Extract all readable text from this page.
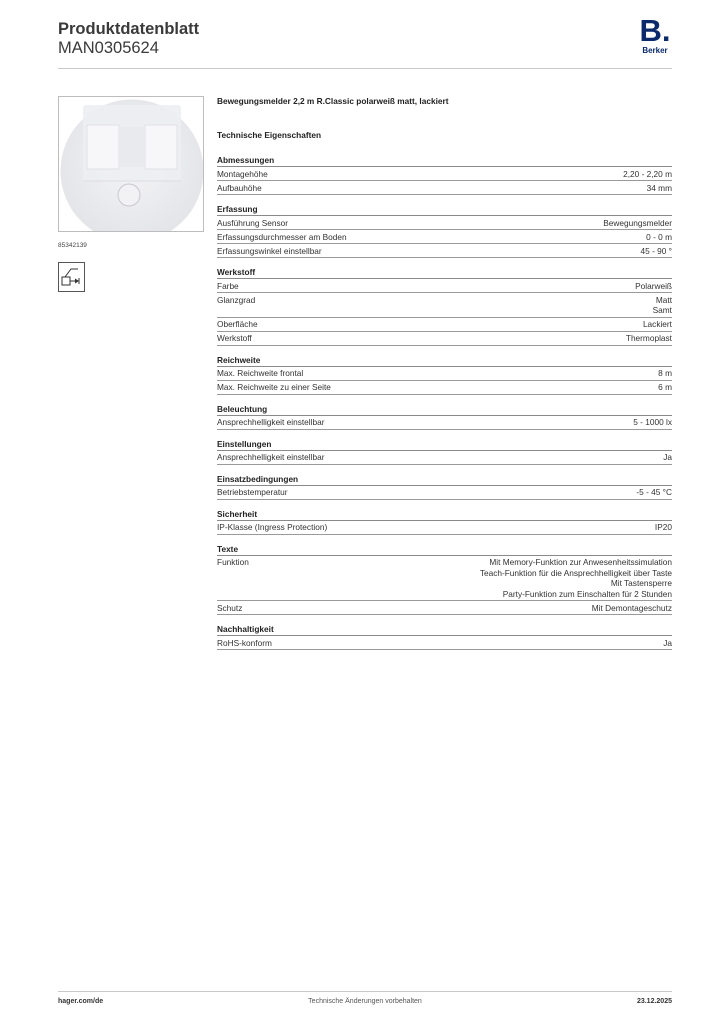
Produktdatenblatt
MAN0305624	B.
Berker
85342139
Bewegungsmelder 2,2 m R.Classic polarweiß matt, lackiert
Technische Eigenschaften
Abmessungen
Montagehöhe	2,20 - 2,20 m
Aufbauhöhe	34 mm
Erfassung
Ausführung Sensor	Bewegungsmelder
Erfassungsdurchmesser am Boden	0 - 0 m
Erfassungswinkel einstellbar	45 - 90 °
Werkstoff
Farbe	Polarweiß
Glanzgrad	Matt
Samt
Oberfläche	Lackiert
Werkstoff	Thermoplast
Reichweite
Max. Reichweite frontal	8 m
Max. Reichweite zu einer Seite	6 m
Beleuchtung
Ansprechhelligkeit einstellbar	5 - 1000 lx
Einstellungen
Ansprechhelligkeit einstellbar	Ja
Einsatzbedingungen
Betriebstemperatur	-5 - 45 °C
Sicherheit
IP-Klasse (Ingress Protection)	IP20
Texte
Funktion	Mit Memory-Funktion zur Anwesenheitssimulation
Teach-Funktion für die Ansprechhelligkeit über Taste
Mit Tastensperre
Party-Funktion zum Einschalten für 2 Stunden
Schutz	Mit Demontageschutz
Nachhaltigkeit
RoHS-konform	Ja
hager.com/de	Technische Änderungen vorbehalten	23.12.2025
